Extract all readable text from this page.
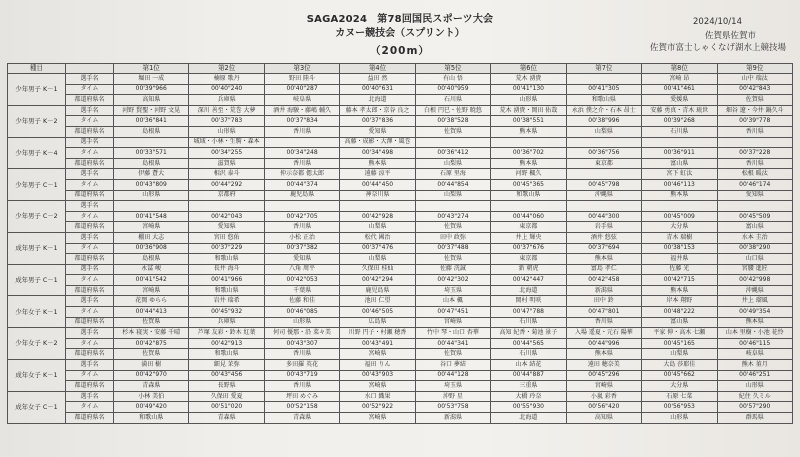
SAGA2024　第78回国民スポーツ大会
カヌー競技会（スプリント）
（200m）
2024/10/14
佐賀県佐賀市
佐賀市富士しゃくなげ湖水上競技場
種目		第1位	第2位	第3位	第4位	第5位	第6位	第7位	第8位	第9位
少年男子 K－1	選手名	堀田 一成	楠原 歌丹	野田 陸斗	益田 然	有山 悟	荒木 湧貴		宮崎 昂	山中 瑞汰
	タイム	00'39"966	00'40"240	00'40"287	00'40"631	00'40"959	00'41"130	00'41"305	00'41"461	00'42"843
	都道府県名	高知県	兵庫県	岐阜県	北海道	石川県	山形県	和歌山県	愛媛県	佐賀県
少年男子 K－2	選手名	河野 賢聖・河野 文晃	深川 善至・荒巻 大夢	酒井 海駿・藤嶋 輔久	藤本 孝太郎・京谷 良之	白根 円巳・佐野 暁悠	荒木 湧貴・岡田 佑哉	永浜 僕之介・石本 昂士	安藤 勇真・青木 琉世	畑谷 遼・今井 鍋久斗
	タイム	00'36"841	00'37"783	00'37"834	00'37"836	00'38"528	00'38"551	00'38"996	00'39"268	00'39"778
	都道府県名	島根県	山形県	香川県	愛知県	佐賀県	熊本県	山梨県	石川県	香川県
少年男子 K－4	選手名		城域・小林・生駒・森本		高藤・成影・大澤・風巻					
	タイム	00'33"571	00'34"255	00'34"248	00'34"498	00'36"412	00'36"702	00'36"756	00'36"911	00'37"228
	都道府県名	島根県	滋賀県	香川県	熊本県	山梨県	熊本県	東京都	富山県	香川県
少年男子 C－1	選手名	伊藤 蒼大	相沢 泰斗	仲示奈都 偲太郎	遠藤 涼平	石原 里海	河野 楓久		宮下 虹汰	松根 暖汰
	タイム	00'43"809	00'44"292	00'44"374	00'44"450	00'44"854	00'45"365	00'45"798	00'46"113	00'46"174
	都道府県名	山形県	京都府	鹿児島県	神奈川県	山梨県	和歌山県	沖縄県	熊本県	愛知県
少年男子 C－2	選手名									
	タイム	00'41"548	00'42"043	00'42"705	00'42"928	00'43"274	00'44"060	00'44"300	00'45"009	00'45"509
	都道府県名	宮崎県	愛知県	香川県	山梨県	佐賀県	東京都	岩手県	大分県	富山県
成年男子 K－1	選手名	棚田 大志	宮田 悠佑	小松 正治	松代 國治	田中 政弥	井上 輝央	酒井 悠弦	青木 瑞樹	水本 圭治
	タイム	00'36"908	00'37"229	00'37"382	00'37"476	00'37"488	00'37"676	00'37"694	00'38"153	00'38"290
	都道府県名	島根県	和歌山県	愛知県	山梨県	佐賀県	東京都	熊本県	福井県	山口県
成年男子 C－1	選手名	永冨 峻	長井 海斗	八角 周平	久保田 桂仙	佐藤 洸誠	新 朝虎	富島 孝仁	佐藤 光	宮腰 進匠
	タイム	00'41"542	00'41"966	00'42"053	00'42"294	00'42"302	00'42"447	00'42"458	00'42"715	00'42"998
	都道府県名	宮崎県	和歌山県	千葉県	鹿児島県	埼玉県	北海道	新潟県	熊本県	沖縄県
少年女子 K－1	選手名	花岡 ゆらら	岩井 瑞希	佐藤 和佳	池田 仁望	山本 楓	岡村 明咲	田中 鈴	岸本 翔野	井上 瑠風
	タイム	00'44"413	00'45"932	00'46"085	00'46"505	00'47"451	00'47"788	00'47"801	00'48"222	00'49"354
	都道府県名	佐賀県	兵庫県	山形県	広島県	宮崎県	石川県	香川県	富山県	熊本県
少年女子 K－2	選手名	杉本 寝実・安藤 千晴	芦塚 友彩・鈴木 紅葉	何司 優那・沿 菜々美	川野 円子・村瀬 穂香	竹中 琴・山口 杏華	高知 紀香・菊池 景子	入場 遥夏・元石 陽華	平家 伸・高木 七瀬	山本 里樹・小池 花怜
	タイム	00'42"875	00'42"913	00'43"307	00'43"491	00'44"341	00'44"565	00'44"996	00'45"165	00'46"115
	都道府県名	佐賀県	和歌山県	香川県	宮崎県	佐賀県	石川県	熊本県	山梨県	岐阜県
成年女子 K－1	選手名	満田 樹	細見 茉弥	多田羅 英花	福田 りん	谷口 夢結	山本 結花	遠田 穂奈美	大島 莎耶佳	熊木 菫月
	タイム	00'42"970	00'43"456	00'43"719	00'43"903	00'44"128	00'44"887	00'45"296	00'45"662	00'46"251
	都道府県名	青森県	長野県	香川県	宮崎県	埼玉県	三重県	宮崎県	大分県	山形県
成年女子 C－1	選手名	小林 美伯	久保田 愛夏	坪田 めぐみ	水口 織果	沖野 星	大橋 玲奈	小嵐 彩香	石原 七菜	紀住 久ミル
	タイム	00'49"420	00'51"020	00'52"158	00'52"922	00'53"758	00'55"930	00'56"420	00'56"953	00'57"290
	都道府県名	和歌山県	青森県	青森県	宮崎県	新潟県	北海道	高知県	山形県	群馬県
